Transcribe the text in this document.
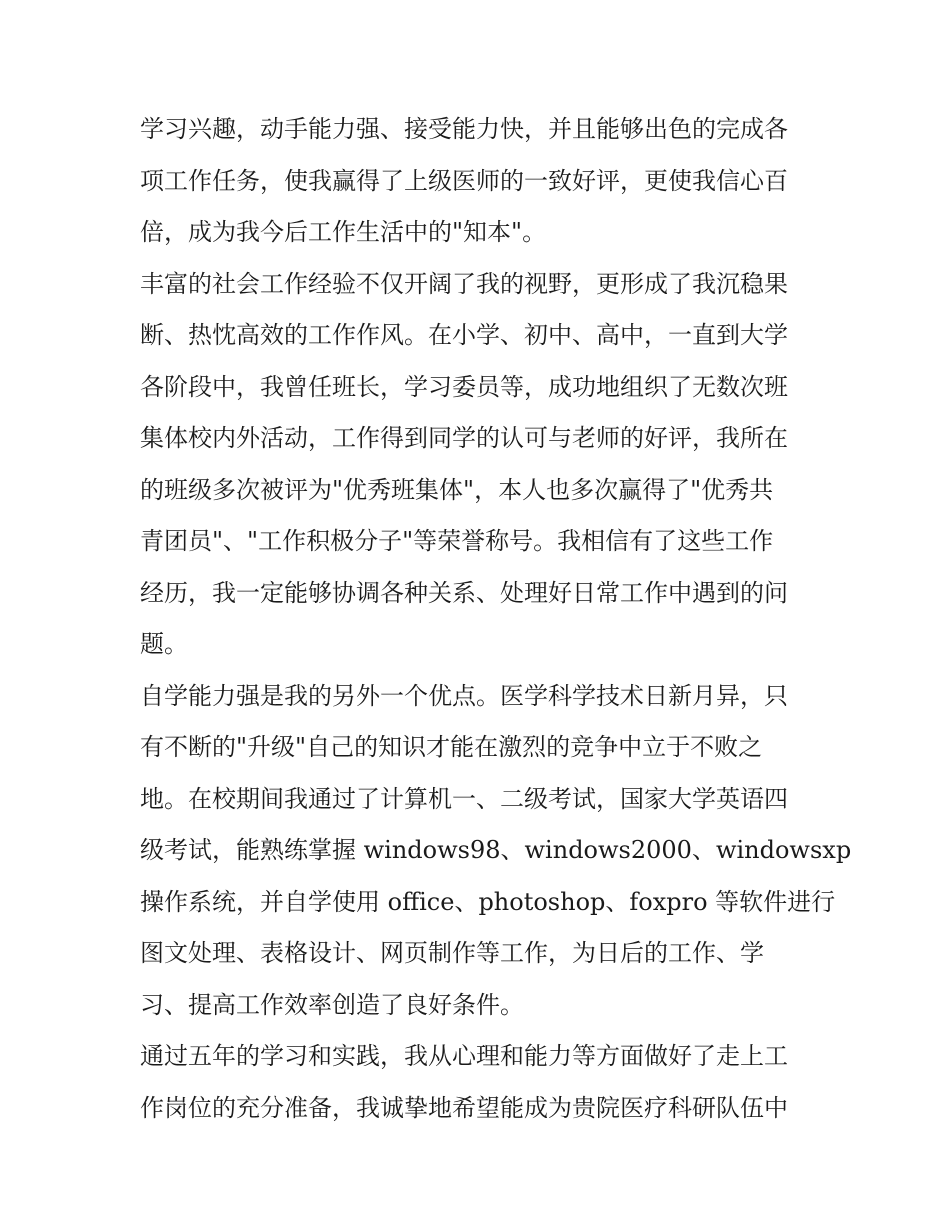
学习兴趣，动手能力强、接受能力快，并且能够出色的完成各
项工作任务，使我赢得了上级医师的一致好评，更使我信心百
倍，成为我今后工作生活中的"知本"。

丰富的社会工作经验不仅开阔了我的视野，更形成了我沉稳果
断、热忱高效的工作作风。在小学、初中、高中，一直到大学
各阶段中，我曾任班长，学习委员等，成功地组织了无数次班
集体校内外活动，工作得到同学的认可与老师的好评，我所在
的班级多次被评为"优秀班集体"，本人也多次赢得了"优秀共
青团员"、"工作积极分子"等荣誉称号。我相信有了这些工作
经历，我一定能够协调各种关系、处理好日常工作中遇到的问
题。

自学能力强是我的另外一个优点。医学科学技术日新月异，只
有不断的"升级"自己的知识才能在激烈的竞争中立于不败之
地。在校期间我通过了计算机一、二级考试，国家大学英语四
级考试，能熟练掌握 windows98、windows2000、windowsxp
操作系统，并自学使用 office、photoshop、foxpro 等软件进行
图文处理、表格设计、网页制作等工作，为日后的工作、学
习、提高工作效率创造了良好条件。

通过五年的学习和实践，我从心理和能力等方面做好了走上工
作岗位的充分准备，我诚挚地希望能成为贵院医疗科研队伍中
